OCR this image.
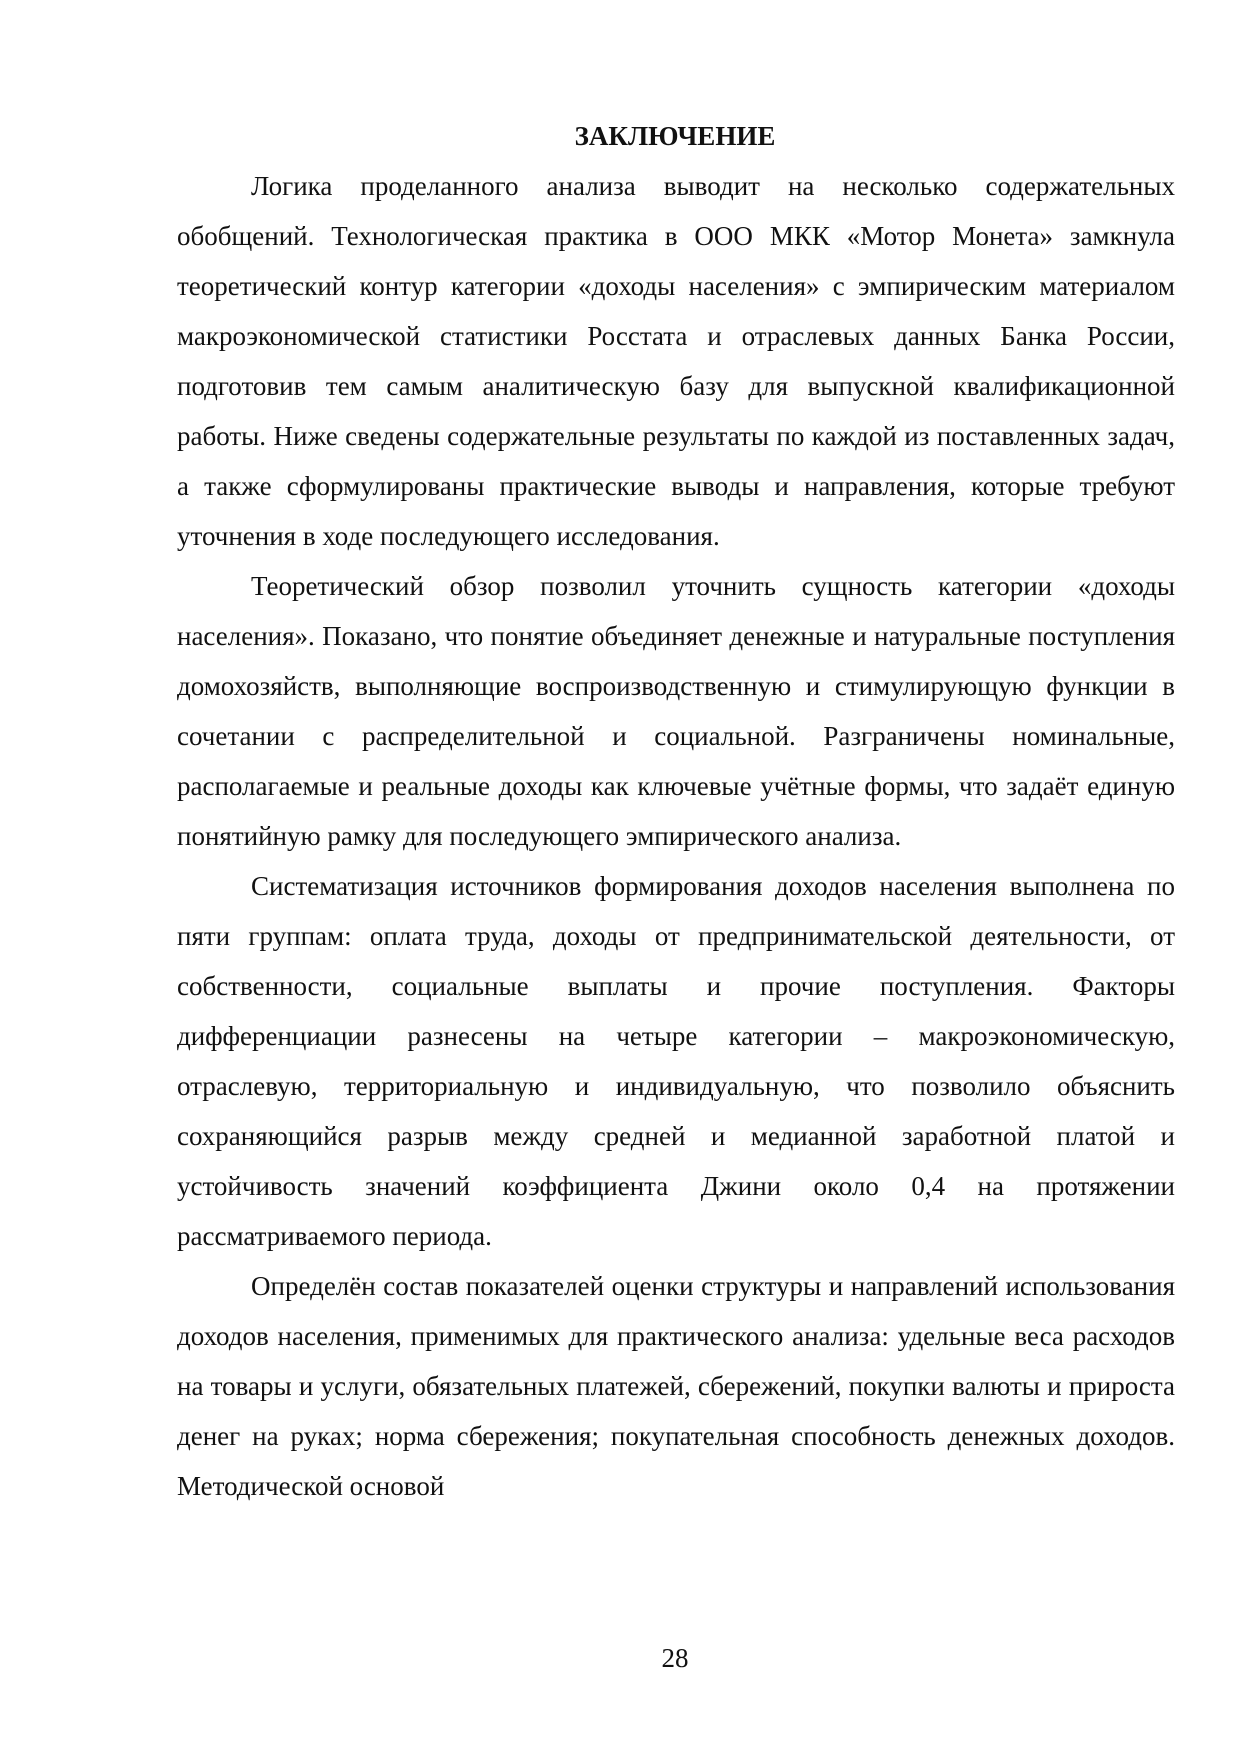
ЗАКЛЮЧЕНИЕ

Логика проделанного анализа выводит на несколько содержательных обобщений. Технологическая практика в ООО МКК «Мотор Монета» замкнула теоретический контур категории «доходы населения» с эмпирическим материалом макроэкономической статистики Росстата и отраслевых данных Банка России, подготовив тем самым аналитическую базу для выпускной квалификационной работы. Ниже сведены содержательные результаты по каждой из поставленных задач, а также сформулированы практические выводы и направления, которые требуют уточнения в ходе последующего исследования.

Теоретический обзор позволил уточнить сущность категории «доходы населения». Показано, что понятие объединяет денежные и натуральные поступления домохозяйств, выполняющие воспроизводственную и стимулирующую функции в сочетании с распределительной и социальной. Разграничены номинальные, располагаемые и реальные доходы как ключевые учётные формы, что задаёт единую понятийную рамку для последующего эмпирического анализа.

Систематизация источников формирования доходов населения выполнена по пяти группам: оплата труда, доходы от предпринимательской деятельности, от собственности, социальные выплаты и прочие поступления. Факторы дифференциации разнесены на четыре категории – макроэкономическую, отраслевую, территориальную и индивидуальную, что позволило объяснить сохраняющийся разрыв между средней и медианной заработной платой и устойчивость значений коэффициента Джини около 0,4 на протяжении рассматриваемого периода.

Определён состав показателей оценки структуры и направлений использования доходов населения, применимых для практического анализа: удельные веса расходов на товары и услуги, обязательных платежей, сбережений, покупки валюты и прироста денег на руках; норма сбережения; покупательная способность денежных доходов. Методической основой

28
